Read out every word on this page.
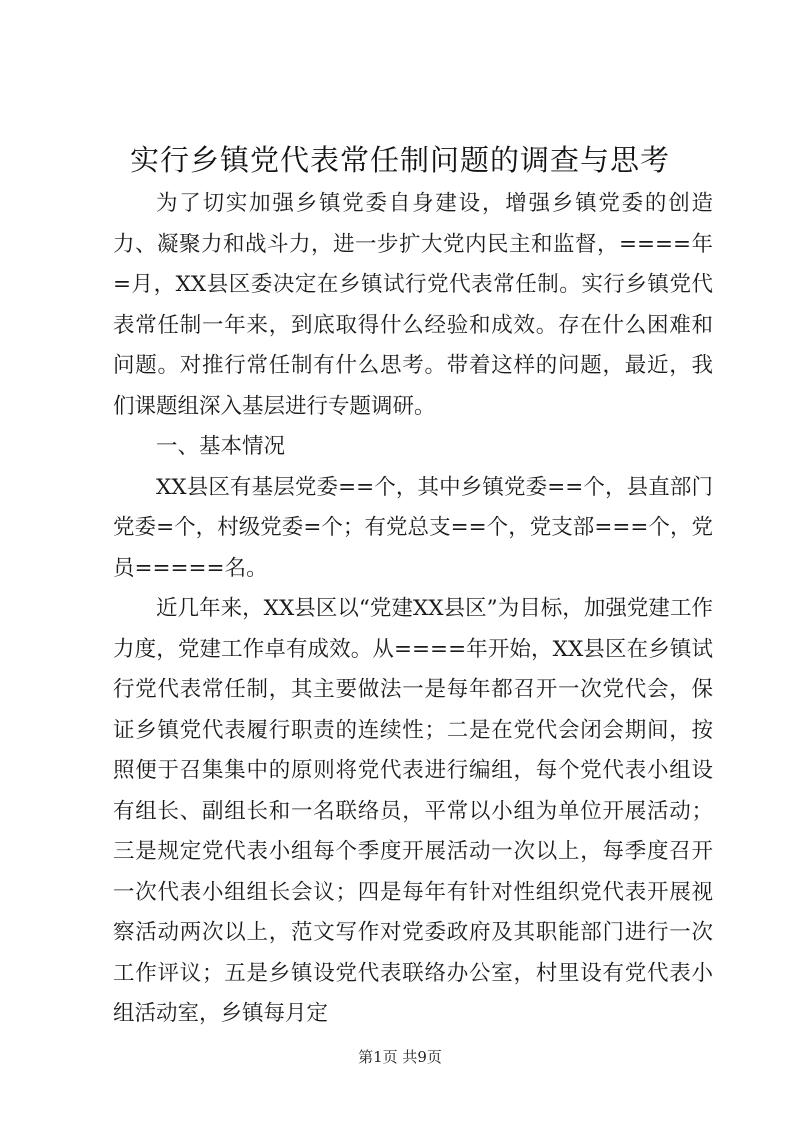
实行乡镇党代表常任制问题的调查与思考

为了切实加强乡镇党委自身建设，增强乡镇党委的创造力、凝聚力和战斗力，进一步扩大党内民主和监督，====年=月，XX县区委决定在乡镇试行党代表常任制。实行乡镇党代表常任制一年来，到底取得什么经验和成效。存在什么困难和问题。对推行常任制有什么思考。带着这样的问题，最近，我们课题组深入基层进行专题调研。

一、基本情况

XX县区有基层党委==个，其中乡镇党委==个，县直部门党委=个，村级党委=个；有党总支==个，党支部===个，党员=====名。

近几年来，XX县区以“党建XX县区”为目标，加强党建工作力度，党建工作卓有成效。从====年开始，XX县区在乡镇试行党代表常任制，其主要做法一是每年都召开一次党代会，保证乡镇党代表履行职责的连续性；二是在党代会闭会期间，按照便于召集集中的原则将党代表进行编组，每个党代表小组设有组长、副组长和一名联络员，平常以小组为单位开展活动；三是规定党代表小组每个季度开展活动一次以上，每季度召开一次代表小组组长会议；四是每年有针对性组织党代表开展视察活动两次以上，范文写作对党委政府及其职能部门进行一次工作评议；五是乡镇设党代表联络办公室，村里设有党代表小组活动室，乡镇每月定

第1页 共9页
